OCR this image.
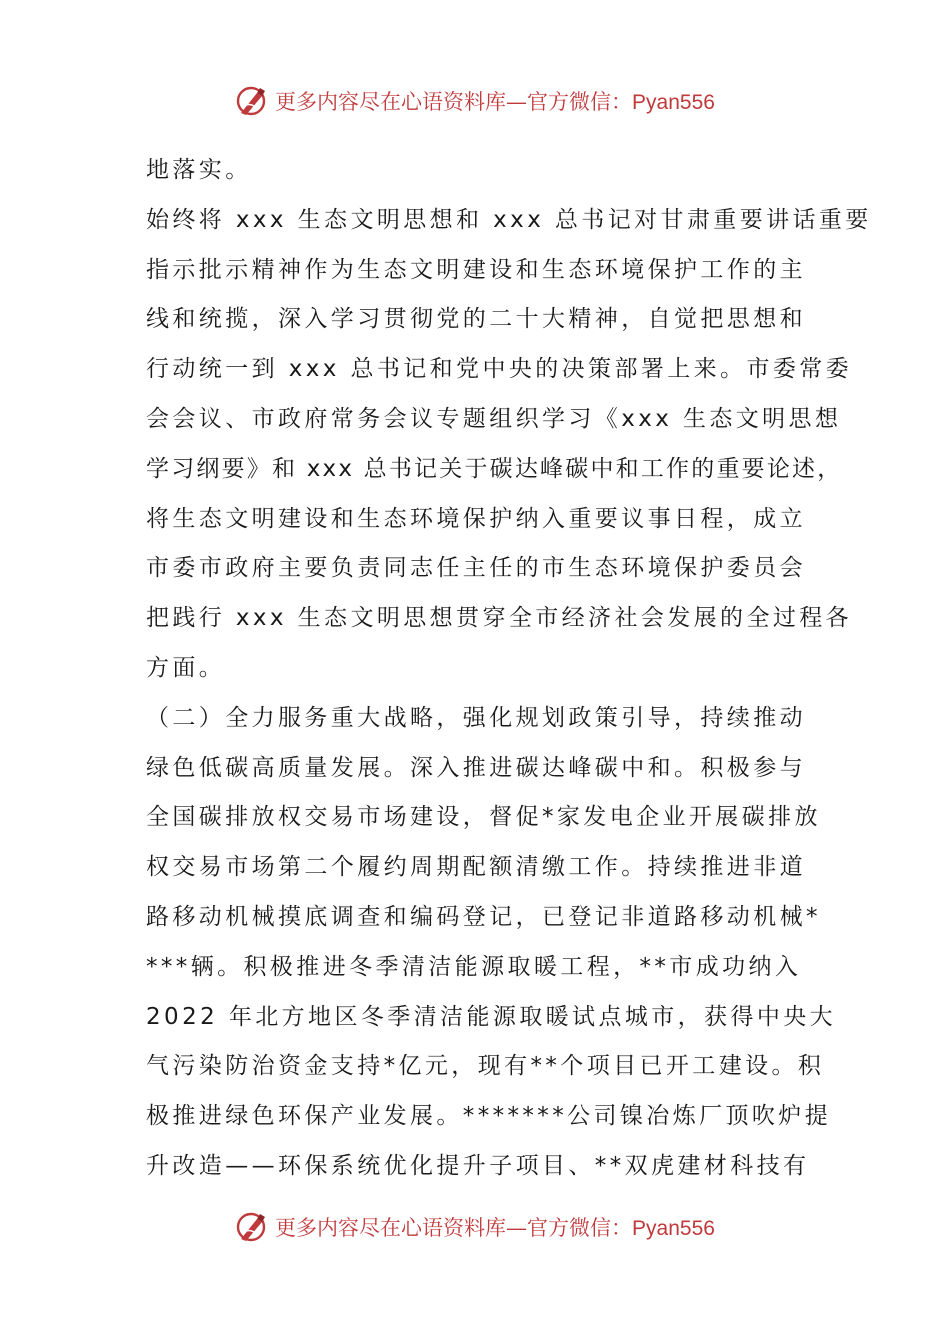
更多内容尽在心语资料库—官方微信：Pyan556
地落实。
始终将 xxx 生态文明思想和 xxx 总书记对甘肃重要讲话重要
指示批示精神作为生态文明建设和生态环境保护工作的主
线和统揽，深入学习贯彻党的二十大精神，自觉把思想和
行动统一到 xxx 总书记和党中央的决策部署上来。市委常委
会会议、市政府常务会议专题组织学习《xxx 生态文明思想
学习纲要》和 xxx 总书记关于碳达峰碳中和工作的重要论述，
将生态文明建设和生态环境保护纳入重要议事日程，成立
市委市政府主要负责同志任主任的市生态环境保护委员会
把践行 xxx 生态文明思想贯穿全市经济社会发展的全过程各
方面。
（二）全力服务重大战略，强化规划政策引导，持续推动
绿色低碳高质量发展。深入推进碳达峰碳中和。积极参与
全国碳排放权交易市场建设，督促*家发电企业开展碳排放
权交易市场第二个履约周期配额清缴工作。持续推进非道
路移动机械摸底调查和编码登记，已登记非道路移动机械*
***辆。积极推进冬季清洁能源取暖工程，**市成功纳入
2022 年北方地区冬季清洁能源取暖试点城市，获得中央大
气污染防治资金支持*亿元，现有**个项目已开工建设。积
极推进绿色环保产业发展。*******公司镍冶炼厂顶吹炉提
升改造——环保系统优化提升子项目、**双虎建材科技有
更多内容尽在心语资料库—官方微信：Pyan556
